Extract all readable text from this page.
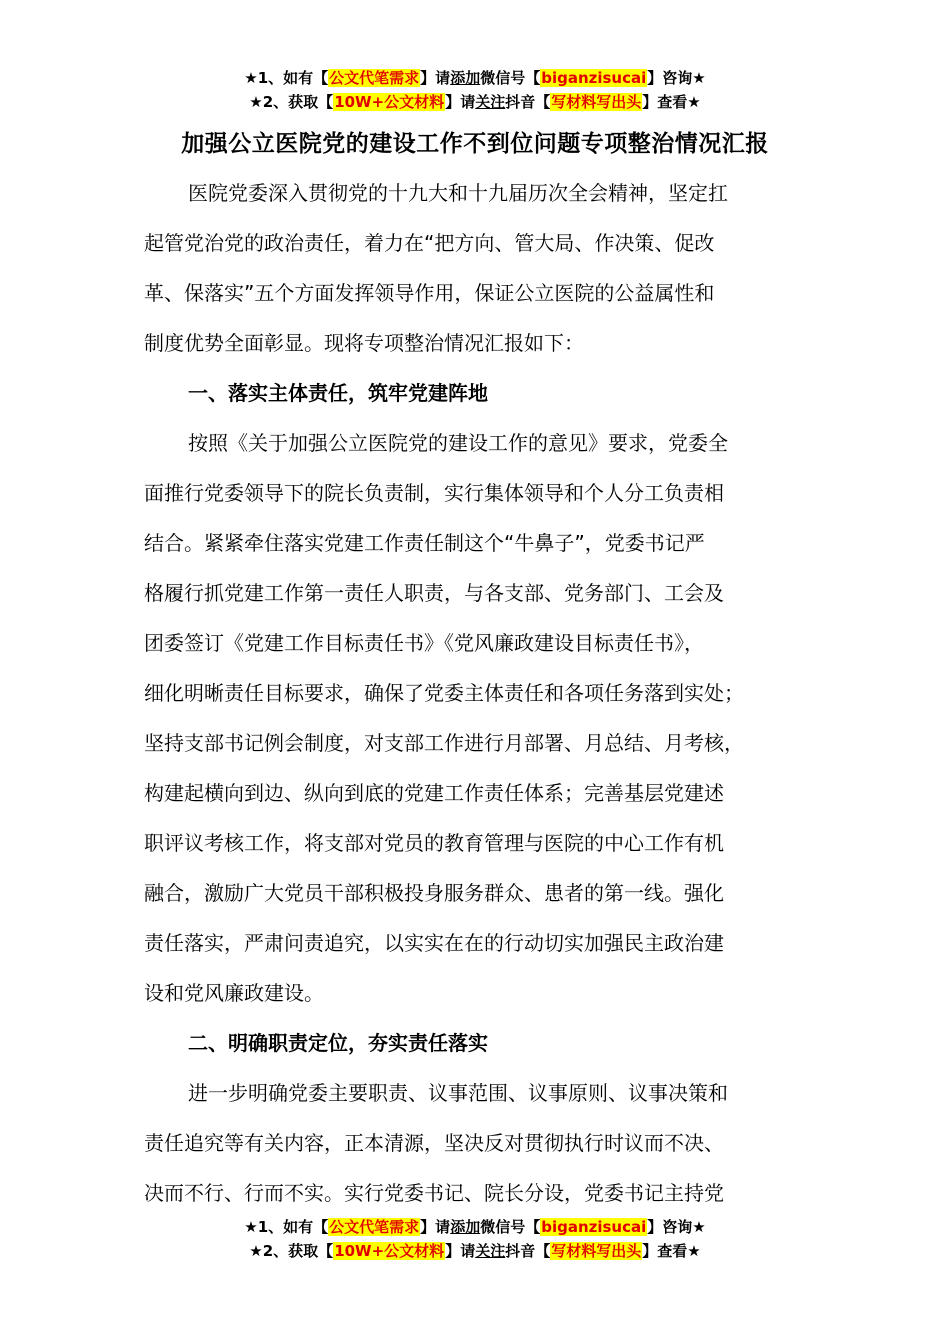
★1、如有【公文代笔需求】请添加微信号【biganzisucai】咨询★
★2、获取【10W+公文材料】请关注抖音【写材料写出头】查看★
加强公立医院党的建设工作不到位问题专项整治情况汇报

医院党委深入贯彻党的十九大和十九届历次全会精神，坚定扛
起管党治党的政治责任，着力在“把方向、管大局、作决策、促改
革、保落实”五个方面发挥领导作用，保证公立医院的公益属性和
制度优势全面彰显。现将专项整治情况汇报如下：

一、落实主体责任，筑牢党建阵地

按照《关于加强公立医院党的建设工作的意见》要求，党委全
面推行党委领导下的院长负责制，实行集体领导和个人分工负责相
结合。紧紧牵住落实党建工作责任制这个“牛鼻子”，党委书记严
格履行抓党建工作第一责任人职责，与各支部、党务部门、工会及
团委签订《党建工作目标责任书》《党风廉政建设目标责任书》，
细化明晰责任目标要求，确保了党委主体责任和各项任务落到实处；
坚持支部书记例会制度，对支部工作进行月部署、月总结、月考核，
构建起横向到边、纵向到底的党建工作责任体系；完善基层党建述
职评议考核工作，将支部对党员的教育管理与医院的中心工作有机
融合，激励广大党员干部积极投身服务群众、患者的第一线。强化
责任落实，严肃问责追究，以实实在在的行动切实加强民主政治建
设和党风廉政建设。

二、明确职责定位，夯实责任落实

进一步明确党委主要职责、议事范围、议事原则、议事决策和
责任追究等有关内容，正本清源，坚决反对贯彻执行时议而不决、
决而不行、行而不实。实行党委书记、院长分设，党委书记主持党

★1、如有【公文代笔需求】请添加微信号【biganzisucai】咨询★
★2、获取【10W+公文材料】请关注抖音【写材料写出头】查看★
